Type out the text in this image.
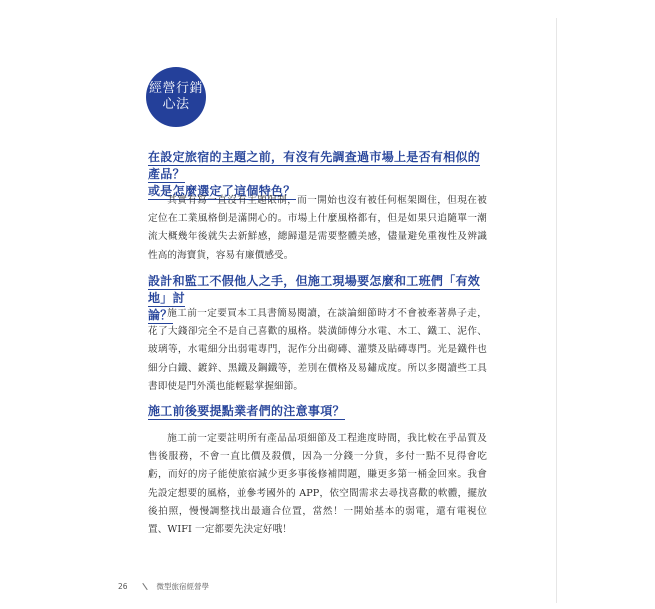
經營行銷
心法
在設定旅宿的主題之前，有沒有先調查過市場上是否有相似的產品？
或是怎麼選定了這個特色？

其實有寫一直沒有主題限制，而一開始也沒有被任何框架圈住，但現在被定位在工業風格倒是滿開心的。市場上什麼風格都有，但是如果只追隨單一潮流大概幾年後就失去新鮮感，總歸還是需要整體美感，儘量避免重複性及辨識性高的海寶貨，容易有廉價感受。

設計和監工不假他人之手，但施工現場要怎麼和工班們「有效地」討
論？

施工前一定要買本工具書簡易閱讀，在談論細節時才不會被牽著鼻子走，花了大錢卻完全不是自己喜歡的風格。裝潢師傅分水電、木工、鐵工、泥作、玻璃等，水電細分出弱電專門，泥作分出砌磚、灌漿及貼磚專門。光是鐵件也細分白鐵、鍍鋅、黑鐵及鋼鐵等，差別在價格及易鏽成度。所以多閱讀些工具書即使是門外漢也能輕鬆掌握細節。

施工前後要提點業者們的注意事項？

施工前一定要註明所有產品品項細節及工程進度時間，我比較在乎品質及售後服務，不會一直比價及殺價，因為一分錢一分貨，多付一點不見得會吃虧，而好的房子能使旅宿減少更多事後修補問題，賺更多第一桶金回來。我會先設定想要的風格，並參考國外的 APP，依空間需求去尋找喜歡的軟體，擺放後拍照，慢慢調整找出最適合位置，當然！一開始基本的弱電，還有電視位置、WIFI 一定都要先決定好哦！

26	微型旅宿經營學
